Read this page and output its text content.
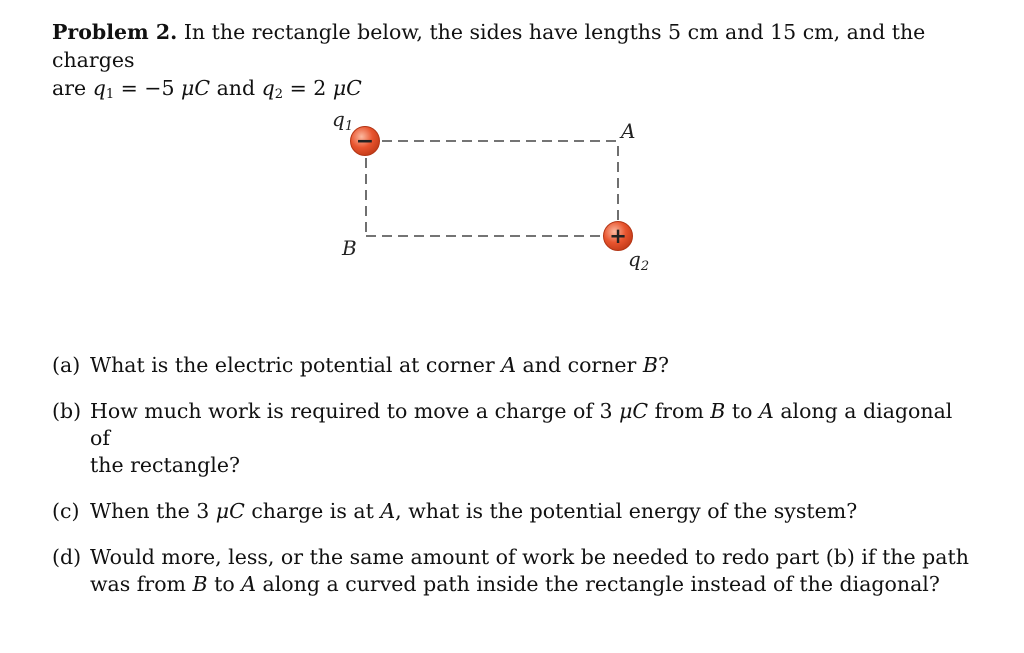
Problem 2. In the rectangle below, the sides have lengths 5 cm and 15 cm, and the charges
are $q_1 = -5$ μC and $q_2 = 2$ μC
$q_1$
−	A
B	+
$q_2$
(a) What is the electric potential at corner A and corner B?
(b) How much work is required to move a charge of 3 μC from B to A along a diagonal of
the rectangle?
(c) When the 3 μC charge is at A, what is the potential energy of the system?
(d) Would more, less, or the same amount of work be needed to redo part (b) if the path
was from B to A along a curved path inside the rectangle instead of the diagonal?
